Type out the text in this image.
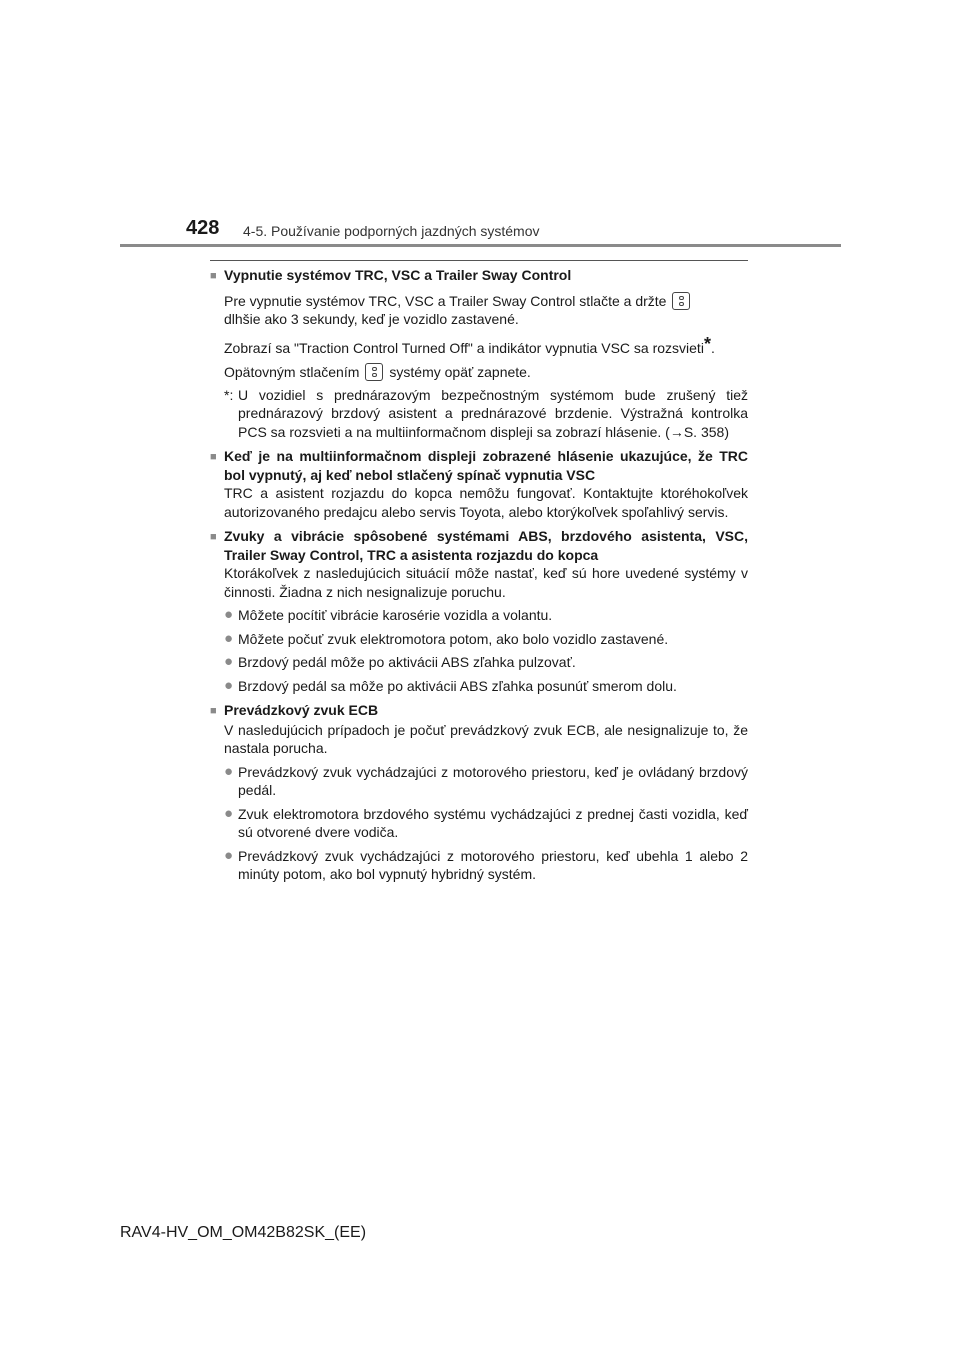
428 4-5. Používanie podporných jazdných systémov
■ Vypnutie systémov TRC, VSC a Trailer Sway Control

Pre vypnutie systémov TRC, VSC a Trailer Sway Control stlačte a držte
dlhšie ako 3 sekundy, keď je vozidlo zastavené.

Zobrazí sa "Traction Control Turned Off" a indikátor vypnutia VSC sa rozsvieti*.

Opätovným stlačením systémy opäť zapnete.

*: U vozidiel s prednárazovým bezpečnostným systémom bude zrušený tiež prednárazový brzdový asistent a prednárazové brzdenie. Výstražná kontrolka PCS sa rozsvieti a na multiinformačnom displeji sa zobrazí hlásenie. (→S. 358)
■ Keď je na multiinformačnom displeji zobrazené hlásenie ukazujúce, že TRC bol vypnutý, aj keď nebol stlačený spínač vypnutia VSC
TRC a asistent rozjazdu do kopca nemôžu fungovať. Kontaktujte ktoréhokoľvek autorizovaného predajcu alebo servis Toyota, alebo ktorýkoľvek spoľahlivý servis.
■ Zvuky a vibrácie spôsobené systémami ABS, brzdového asistenta, VSC, Trailer Sway Control, TRC a asistenta rozjazdu do kopca
Ktorákoľvek z nasledujúcich situácií môže nastať, keď sú hore uvedené systémy v činnosti. Žiadna z nich nesignalizuje poruchu.
● Môžete pocítiť vibrácie karosérie vozidla a volantu.
● Môžete počuť zvuk elektromotora potom, ako bolo vozidlo zastavené.
● Brzdový pedál môže po aktivácii ABS zľahka pulzovať.
● Brzdový pedál sa môže po aktivácii ABS zľahka posunúť smerom dolu.
■ Prevádzkový zvuk ECB
V nasledujúcich prípadoch je počuť prevádzkový zvuk ECB, ale nesignalizuje to, že nastala porucha.
● Prevádzkový zvuk vychádzajúci z motorového priestoru, keď je ovládaný brzdový pedál.
● Zvuk elektromotora brzdového systému vychádzajúci z prednej časti vozidla, keď sú otvorené dvere vodiča.
● Prevádzkový zvuk vychádzajúci z motorového priestoru, keď ubehla 1 alebo 2 minúty potom, ako bol vypnutý hybridný systém.
RAV4-HV_OM_OM42B82SK_(EE)
